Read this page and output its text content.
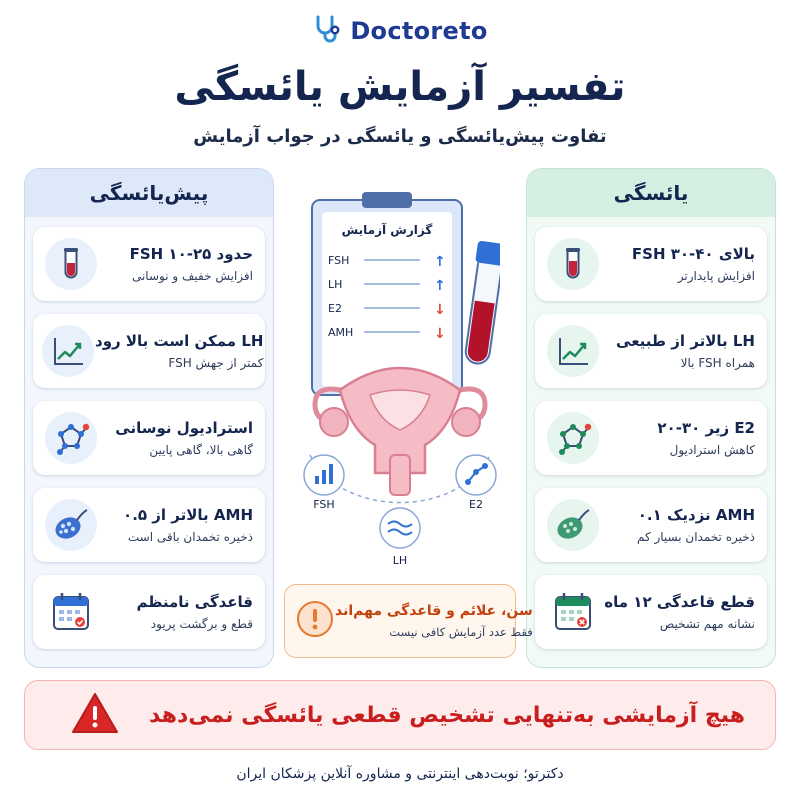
Doctoreto
تفسیر آزمایش یائسگی
تفاوت پیش‌یائسگی و یائسگی در جواب آزمایش
پیش‌یائسگی
حدود ۲۵-۱۰ FSH
افزایش خفیف و نوسانی
LH ممکن است بالا رود
کمتر از جهش FSH
استرادیول نوسانی
گاهی بالا، گاهی پایین
AMH بالاتر از ۰.۵
ذخیره تخمدان باقی است
قاعدگی نامنظم
قطع و برگشت پریود
یائسگی
بالای ۴۰-۳۰ FSH
افزایش پایدارتر
LH بالاتر از طبیعی
همراه FSH بالا
E2 زیر ۳۰-۲۰
کاهش استرادیول
AMH نزدیک ۰.۱
ذخیره تخمدان بسیار کم
قطع قاعدگی ۱۲ ماه
نشانه مهم تشخیص
گزارش آزمایش
FSH	↑
LH	↑
E2	↓
AMH	↓
FSH	E2
LH
سن، علائم و قاعدگی مهم‌اند
فقط عدد آزمایش کافی نیست
هیچ آزمایشی به‌تنهایی تشخیص قطعی یائسگی نمی‌دهد
دکترتو؛ نوبت‌دهی اینترنتی و مشاوره آنلاین پزشکان ایران
